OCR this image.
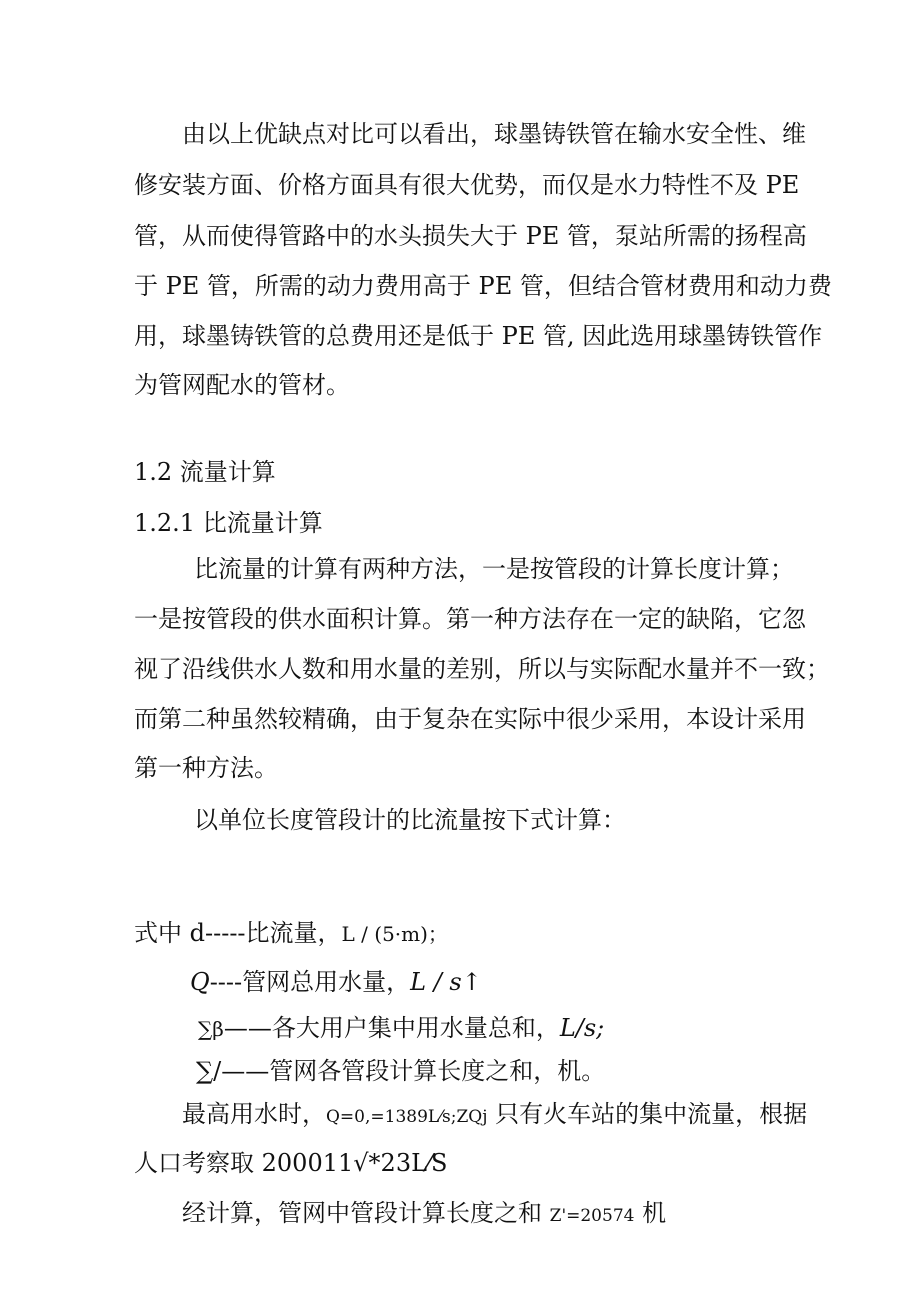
由以上优缺点对比可以看出，球墨铸铁管在输水安全性、维
修安装方面、价格方面具有很大优势，而仅是水力特性不及 PE
管，从而使得管路中的水头损失大于 PE 管，泵站所需的扬程高
于 PE 管，所需的动力费用高于 PE 管，但结合管材费用和动力费
用，球墨铸铁管的总费用还是低于 PE 管, 因此选用球墨铸铁管作
为管网配水的管材。
1.2 流量计算
1.2.1 比流量计算
比流量的计算有两种方法，一是按管段的计算长度计算；
一是按管段的供水面积计算。第一种方法存在一定的缺陷，它忽
视了沿线供水人数和用水量的差别，所以与实际配水量并不一致；
而第二种虽然较精确，由于复杂在实际中很少采用，本设计采用
第一种方法。
以单位长度管段计的比流量按下式计算：
式中 d-----比流量，L / (5·m)；
Q----管网总用水量，L / s↑
∑β——各大用户集中用水量总和，L/s;
∑/——管网各管段计算长度之和，机。
最高用水时，Q=0,=1389L⁄s;ZQj 只有火车站的集中流量，根据
人口考察取 200011√*23L⁄S
经计算，管网中管段计算长度之和 Z'=20574 机
